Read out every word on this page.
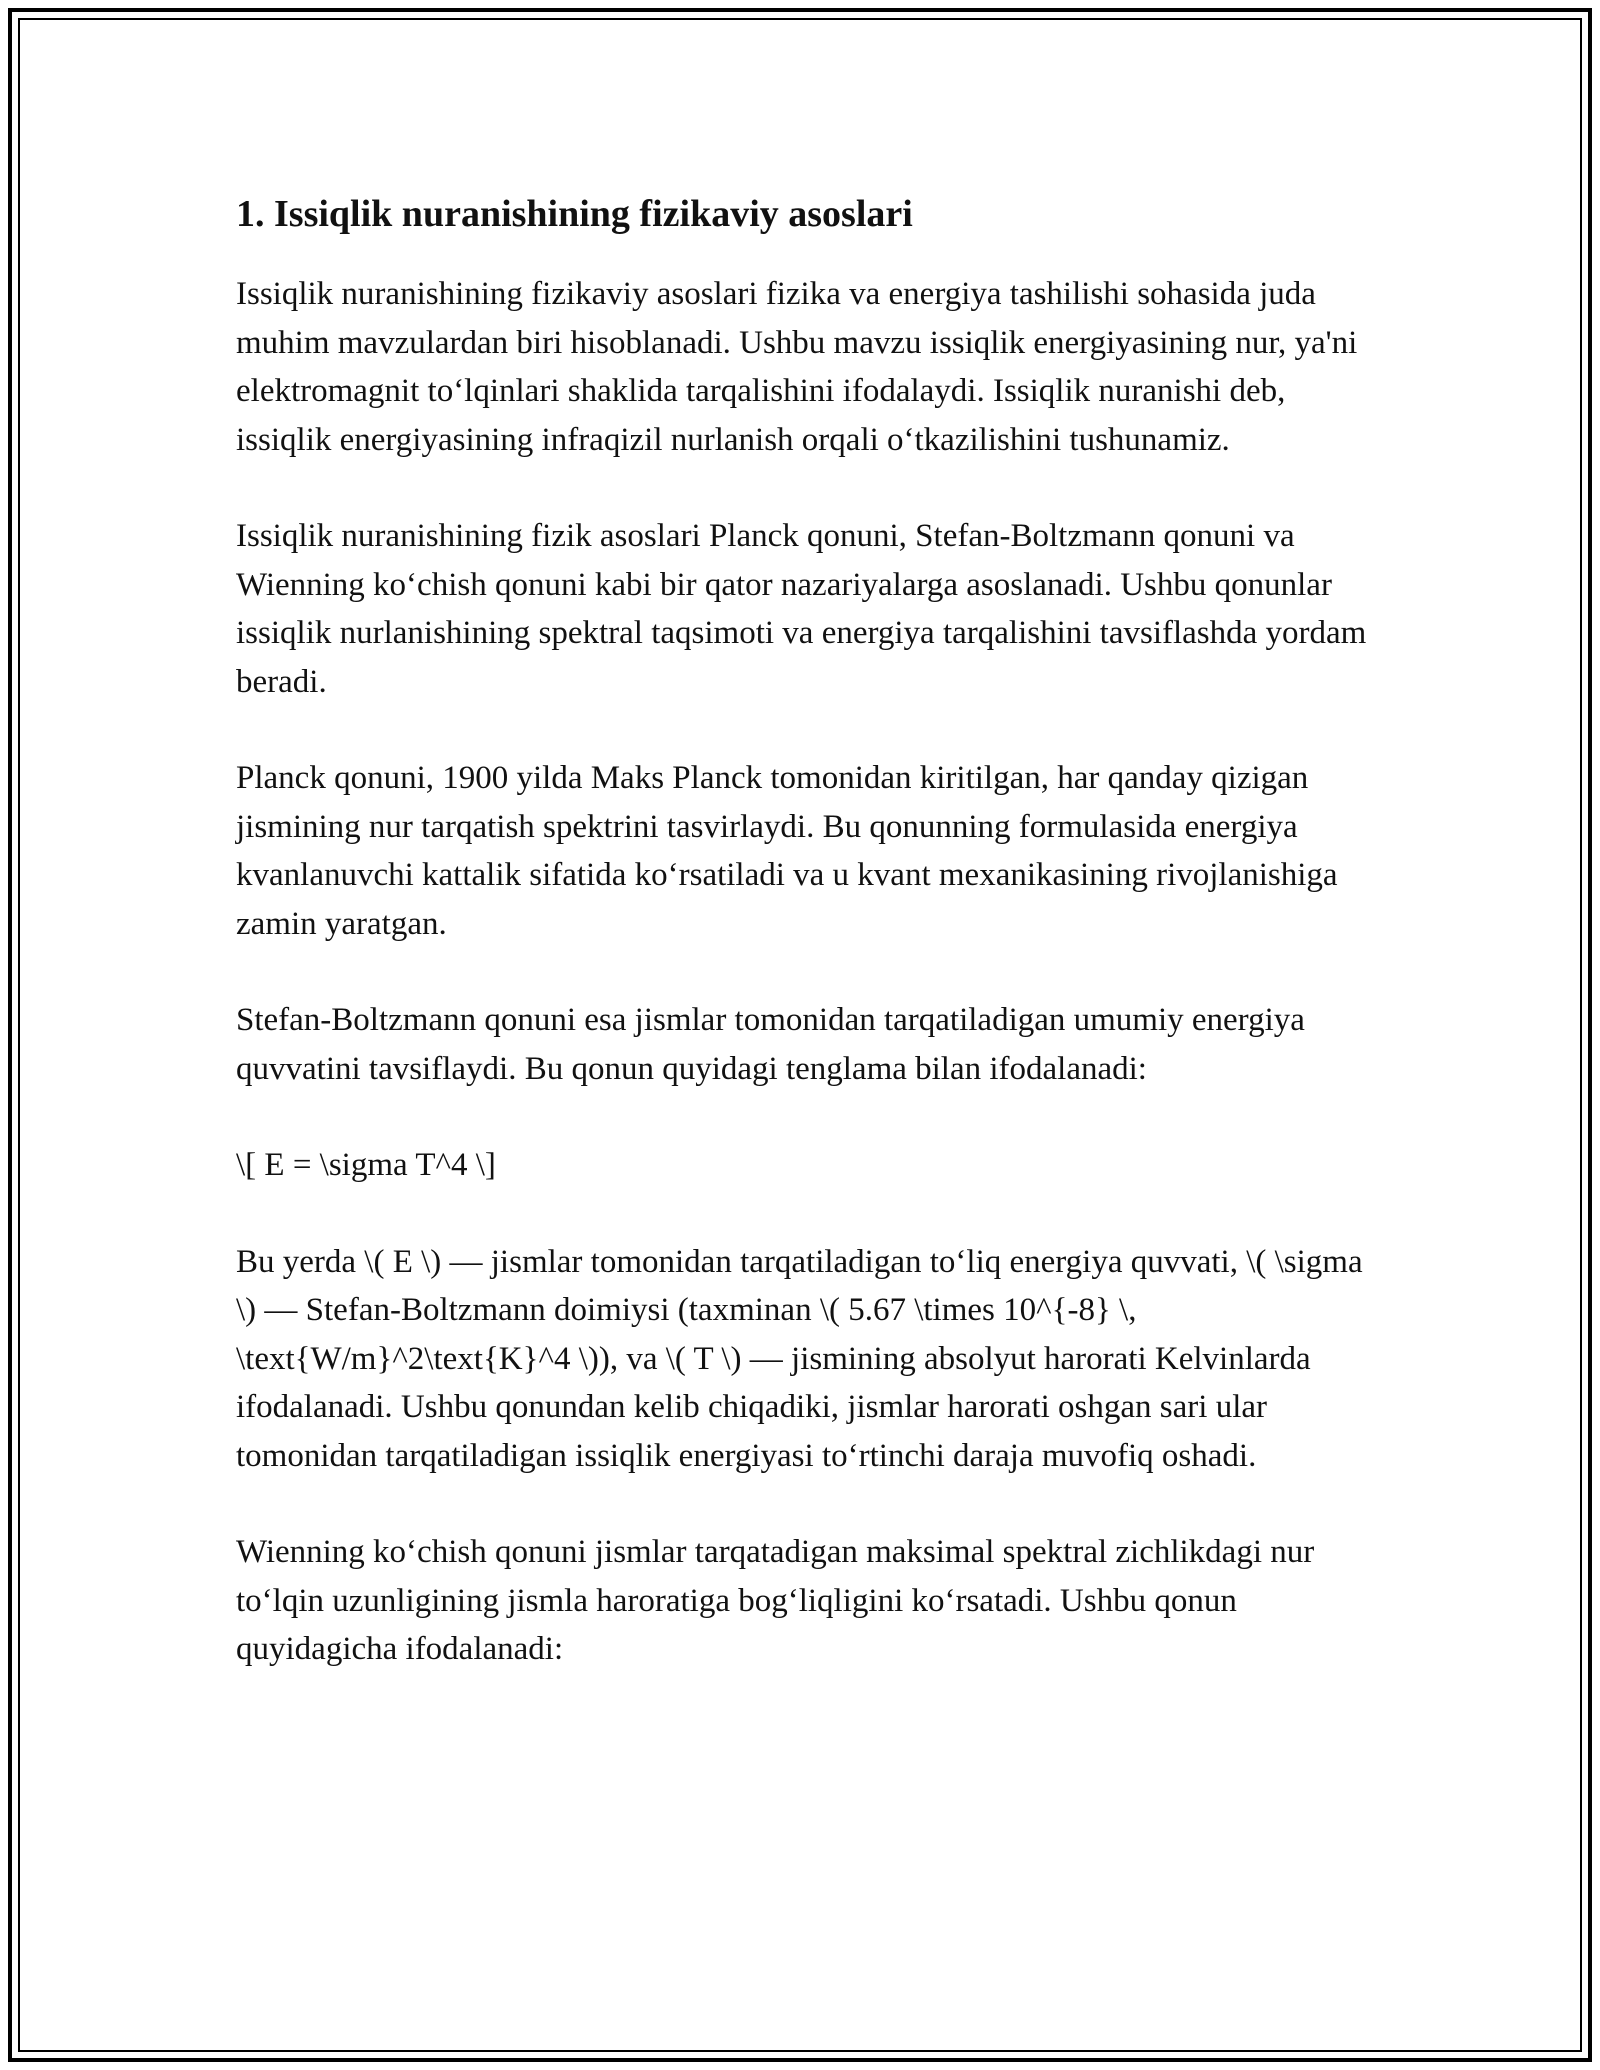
1. Issiqlik nuranishining fizikaviy asoslari

Issiqlik nuranishining fizikaviy asoslari fizika va energiya tashilishi sohasida juda muhim mavzulardan biri hisoblanadi. Ushbu mavzu issiqlik energiyasining nur, ya'ni elektromagnit to‘lqinlari shaklida tarqalishini ifodalaydi. Issiqlik nuranishi deb, issiqlik energiyasining infraqizil nurlanish orqali o‘tkazilishini tushunamiz.

Issiqlik nuranishining fizik asoslari Planck qonuni, Stefan-Boltzmann qonuni va Wienning ko‘chish qonuni kabi bir qator nazariyalarga asoslanadi. Ushbu qonunlar issiqlik nurlanishining spektral taqsimoti va energiya tarqalishini tavsiflashda yordam beradi.

Planck qonuni, 1900 yilda Maks Planck tomonidan kiritilgan, har qanday qizigan jismining nur tarqatish spektrini tasvirlaydi. Bu qonunning formulasida energiya kvanlanuvchi kattalik sifatida ko‘rsatiladi va u kvant mexanikasining rivojlanishiga zamin yaratgan.

Stefan-Boltzmann qonuni esa jismlar tomonidan tarqatiladigan umumiy energiya quvvatini tavsiflaydi. Bu qonun quyidagi tenglama bilan ifodalanadi:

\[ E = \sigma T^4 \]

Bu yerda \( E \) — jismlar tomonidan tarqatiladigan to‘liq energiya quvvati, \( \sigma \) — Stefan-Boltzmann doimiysi (taxminan \( 5.67 \times 10^{-8} \, \text{W/m}^2\text{K}^4 \)), va \( T \) — jismining absolyut harorati Kelvinlarda ifodalanadi. Ushbu qonundan kelib chiqadiki, jismlar harorati oshgan sari ular tomonidan tarqatiladigan issiqlik energiyasi to‘rtinchi daraja muvofiq oshadi.

Wienning ko‘chish qonuni jismlar tarqatadigan maksimal spektral zichlikdagi nur to‘lqin uzunligining jismla haroratiga bog‘liqligini ko‘rsatadi. Ushbu qonun quyidagicha ifodalanadi:
